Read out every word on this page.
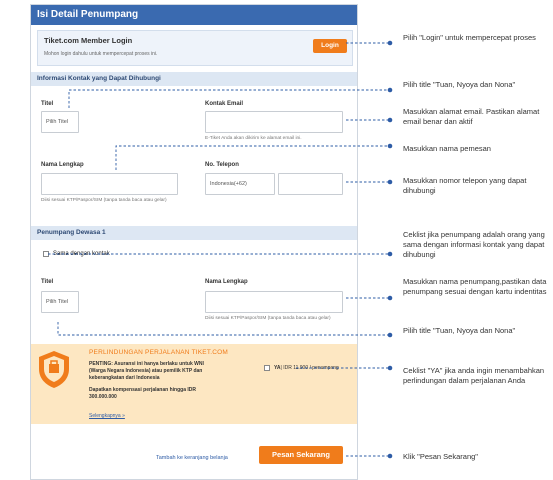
Isi Detail Penumpang
Tiket.com Member Login
Mohon login dahulu untuk mempercepat proses ini.
Login
Informasi Kontak yang Dapat Dihubungi
Titel
Pilih Titel
Kontak Email
E-Tiket Anda akan dikirim ke alamat email ini.
Nama Lengkap
Diisi sesuai KTP/Paspor/SIM (tanpa tanda baca atau gelar)
No. Telepon
Indonesia(+62)
Penumpang Dewasa 1
Sama dengan kontak
Titel
Pilih Titel
Nama Lengkap
Diisi sesuai KTP/Paspor/SIM (tanpa tanda baca atau gelar)
PERLINDUNGAN PERJALANAN TIKET.COM
PENTING: Asuransi ini hanya berlaku untuk WNI
(Warga Negara Indonesia) atau pemilik KTP dan
keberangkatan dari Indonesia
Dapatkan kompensasi perjalanan hingga IDR
300.000.000
Selengkapnya »
YA| IDR 11.900 / penumpang
Tambah ke keranjang belanja	Pesan Sekarang
Pilih "Login" untuk mempercepat proses
Pilih title "Tuan, Nyoya dan Nona"
Masukkan alamat email. Pastikan alamat email benar dan aktif
Masukkan nama pemesan
Masukkan nomor telepon yang dapat dihubungi
Ceklist jika penumpang adalah orang yang sama dengan informasi kontak yang dapat dihubungi
Masukkan nama penumpang,pastikan data penumpang sesuai dengan kartu indentitas
Pilih title "Tuan, Nyoya dan Nona"
Ceklist "YA" jika anda ingin menambahkan perlindungan dalam perjalanan Anda
Klik "Pesan Sekarang"
